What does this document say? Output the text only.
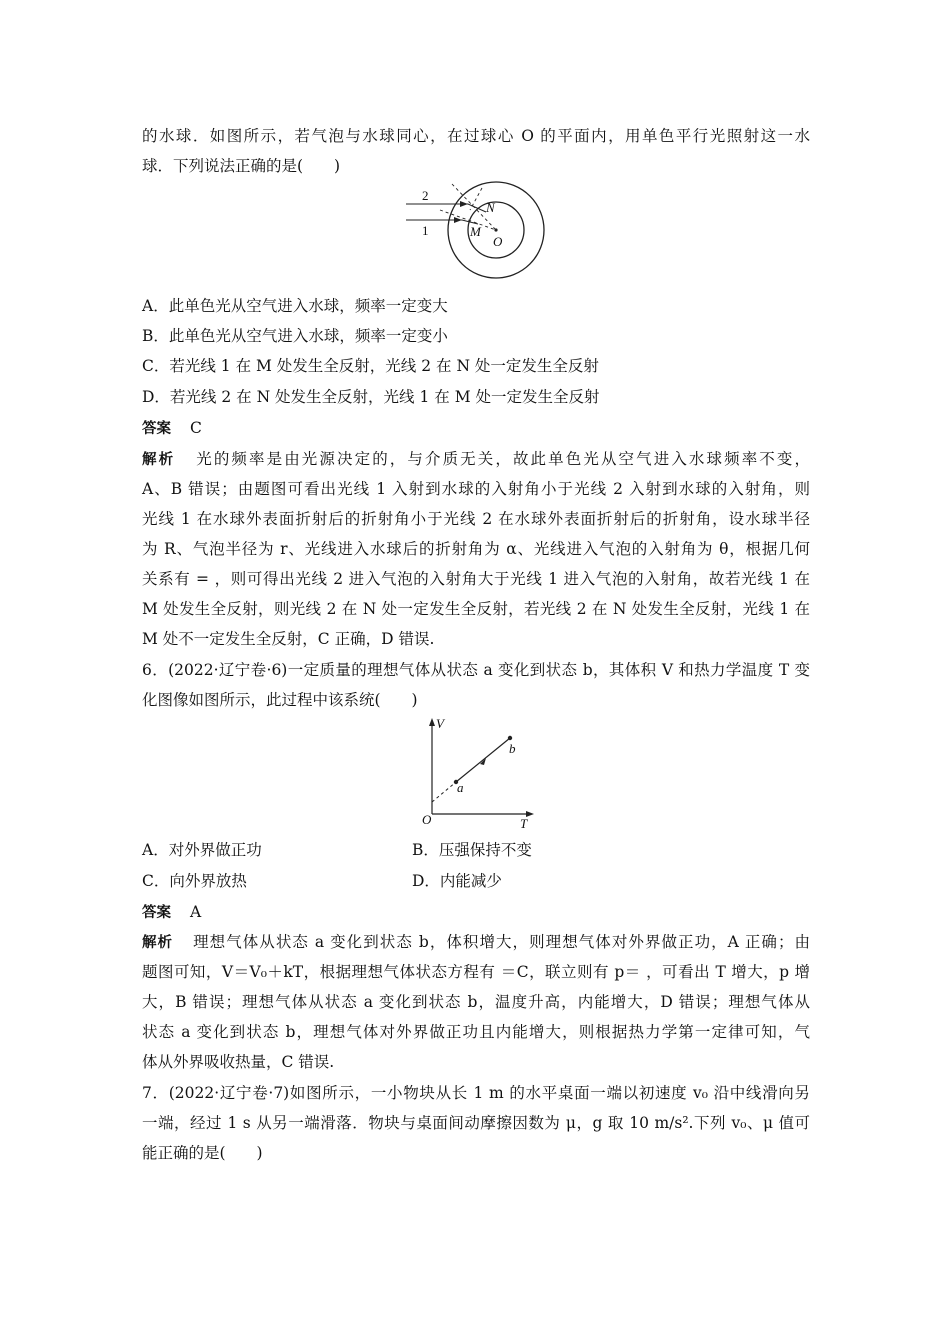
的水球．如图所示，若气泡与水球同心，在过球心 O 的平面内，用单色平行光照射这一水
球．下列说法正确的是(　　)
2
1
N
M
O
A．此单色光从空气进入水球，频率一定变大
B．此单色光从空气进入水球，频率一定变小
C．若光线 1 在 M 处发生全反射，光线 2 在 N 处一定发生全反射
D．若光线 2 在 N 处发生全反射，光线 1 在 M 处一定发生全反射
答案 C
解析 光的频率是由光源决定的，与介质无关，故此单色光从空气进入水球频率不变，
A、B 错误；由题图可看出光线 1 入射到水球的入射角小于光线 2 入射到水球的入射角，则
光线 1 在水球外表面折射后的折射角小于光线 2 在水球外表面折射后的折射角，设水球半径
为 R、气泡半径为 r、光线进入水球后的折射角为 α、光线进入气泡的入射角为 θ，根据几何
关系有 = ，则可得出光线 2 进入气泡的入射角大于光线 1 进入气泡的入射角，故若光线 1 在
M 处发生全反射，则光线 2 在 N 处一定发生全反射，若光线 2 在 N 处发生全反射，光线 1 在
M 处不一定发生全反射，C 正确，D 错误.
6．(2022·辽宁卷·6)一定质量的理想气体从状态 a 变化到状态 b，其体积 V 和热力学温度 T 变
化图像如图所示，此过程中该系统(　　)
V
T
O
a
b
A．对外界做正功	B．压强保持不变
C．向外界放热	D．内能减少
答案 A
解析 理想气体从状态 a 变化到状态 b，体积增大，则理想气体对外界做正功，A 正确；由
题图可知，V＝V₀＋kT，根据理想气体状态方程有 ＝C，联立则有 p＝ ，可看出 T 增大，p 增
大，B 错误；理想气体从状态 a 变化到状态 b，温度升高，内能增大，D 错误；理想气体从
状态 a 变化到状态 b，理想气体对外界做正功且内能增大，则根据热力学第一定律可知，气
体从外界吸收热量，C 错误.
7．(2022·辽宁卷·7)如图所示，一小物块从长 1 m 的水平桌面一端以初速度 v₀ 沿中线滑向另
一端，经过 1 s 从另一端滑落．物块与桌面间动摩擦因数为 μ，g 取 10 m/s².下列 v₀、μ 值可
能正确的是(　　)
